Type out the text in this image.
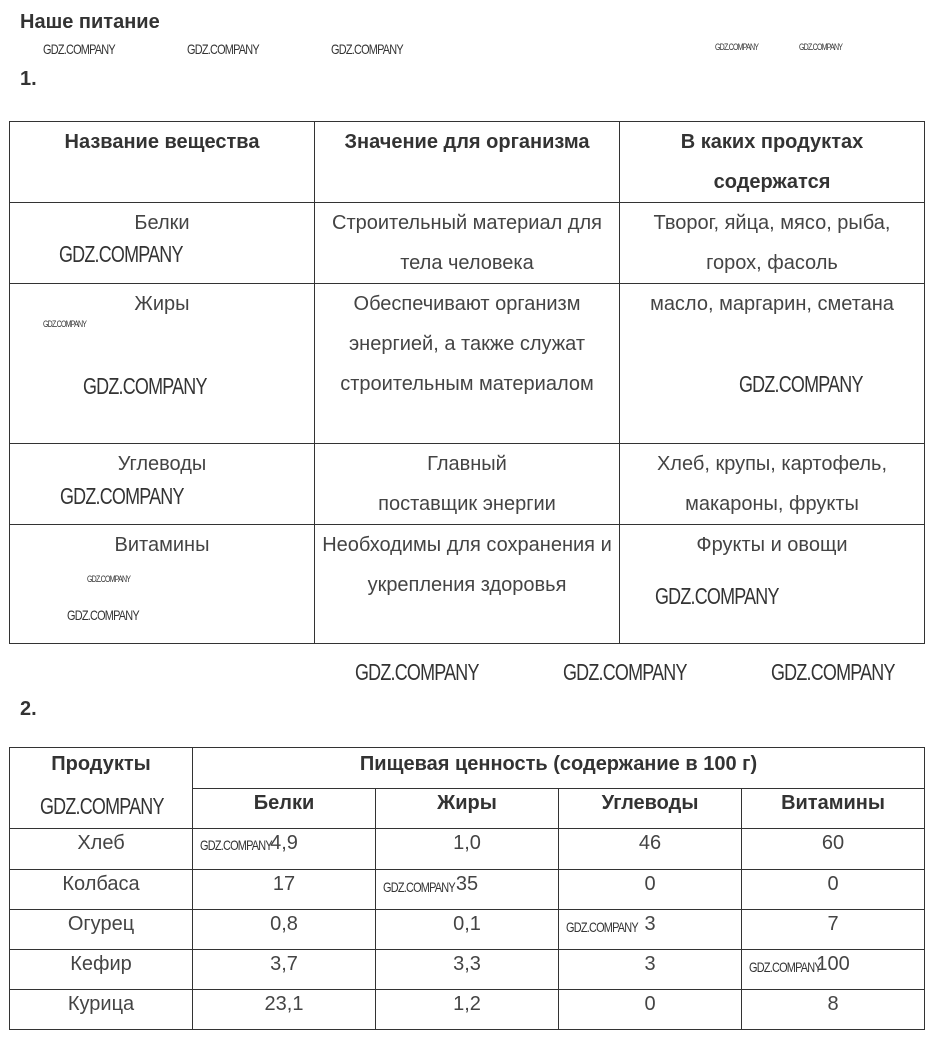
Наше питание
1.
Название вещества	Значение для организма	В каких продуктах содержатся
Белки	Строительный материал для тела человека	Творог, яйца, мясо, рыба, горох, фасоль
Жиры	Обеспечивают организм энергией, а также служат строительным материалом	масло, маргарин, сметана
Углеводы	Главный поставщик энергии	Хлеб, крупы, картофель, макароны, фрукты
Витамины	Необходимы для сохранения и укрепления здоровья	Фрукты и овощи
2.
Продукты	Пищевая ценность (содержание в 100 г)			
	Белки	Жиры	Углеводы	Витамины
Хлеб	4,9	1,0	46	60
Колбаса	17	35	0	0
Огурец	0,8	0,1	3	7
Кефир	3,7	3,3	3	100
Курица	23,1	1,2	0	8
GDZ.COMPANY	GDZ.COMPANY	GDZ.COMPANY	GDZ.COMPANY	GDZ.COMPANY
GDZ.COMPANY
GDZ.COMPANY
GDZ.COMPANY	GDZ.COMPANY
GDZ.COMPANY
GDZ.COMPANY
GDZ.COMPANY
GDZ.COMPANY
GDZ.COMPANY	GDZ.COMPANY	GDZ.COMPANY
GDZ.COMPANY
GDZ.COMPANY
GDZ.COMPANY
GDZ.COMPANY
GDZ.COMPANY
